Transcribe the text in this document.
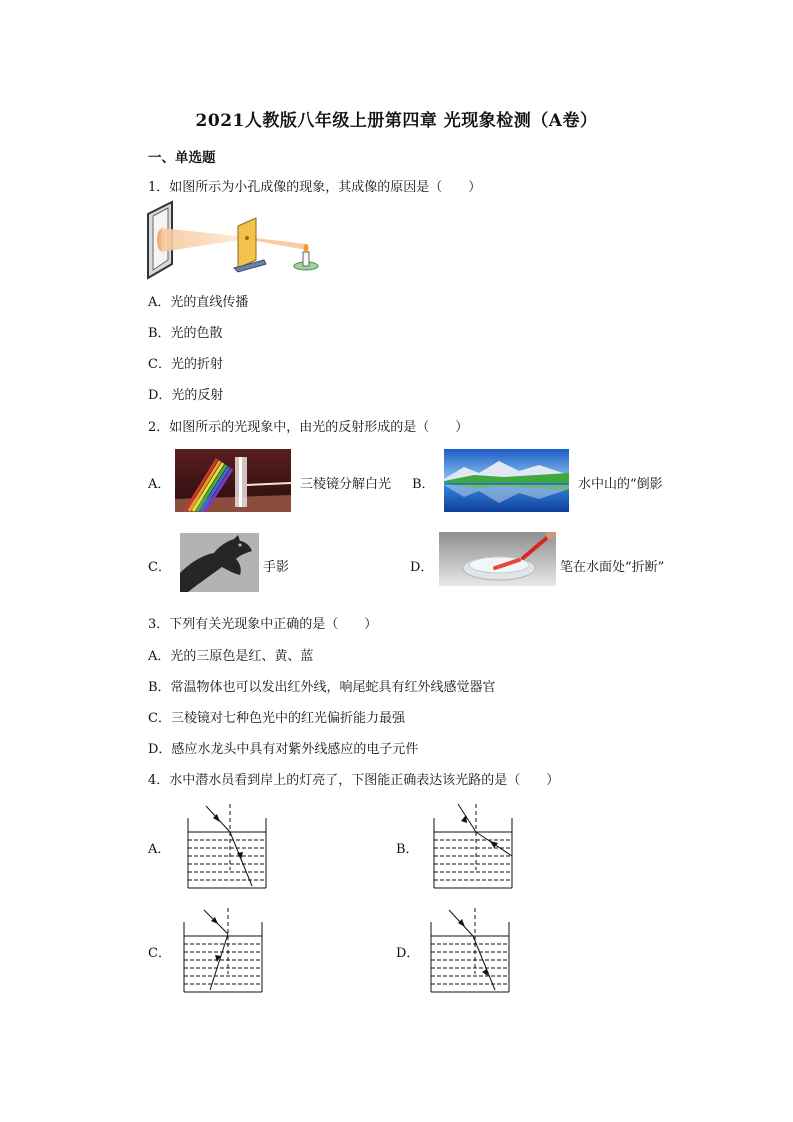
2021人教版八年级上册第四章 光现象检测（A卷）
一、单选题
1．如图所示为小孔成像的现象，其成像的原因是（　　）
A．光的直线传播
B．光的色散
C．光的折射
D．光的反射
2．如图所示的光现象中，由光的反射形成的是（　　）
A．	三棱镜分解白光 B．	水中山的“倒影
C．	手影	D．	笔在水面处“折断”
3．下列有关光现象中正确的是（　　）
A．光的三原色是红、黄、蓝
B．常温物体也可以发出红外线，响尾蛇具有红外线感觉器官
C．三棱镜对七种色光中的红光偏折能力最强
D．感应水龙头中具有对紫外线感应的电子元件
4．水中潜水员看到岸上的灯亮了，下图能正确表达该光路的是（　　）
A．	B．
C．	D．
